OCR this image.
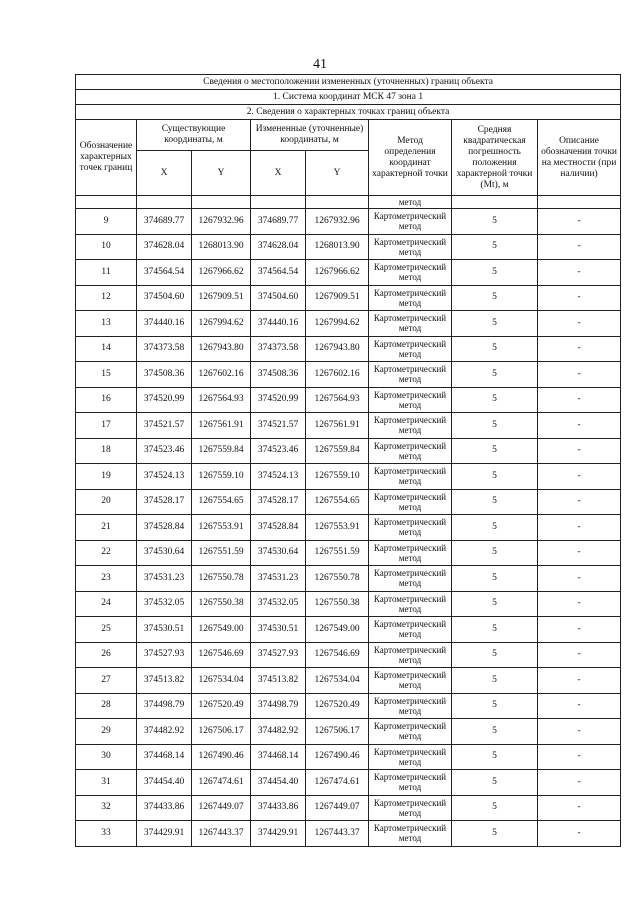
41
Сведения о местоположении измененных (уточненных) границ объекта							
1. Система координат МСК 47 зона 1							
2. Сведения о характерных точках границ объекта							
Обозначение характерных точек границ	Существующие координаты, м		Измененные (уточненные) координаты, м		Метод определения координат характерной точки	Средняя квадратическая погрешность положения характерной точки (Mt), м	Описание обозначения точки на местности (при наличии)
	X	Y	X	Y			
					метод		
9	374689.77	1267932.96	374689.77	1267932.96	Картометрический метод	5	-
10	374628.04	1268013.90	374628.04	1268013.90	Картометрический метод	5	-
11	374564.54	1267966.62	374564.54	1267966.62	Картометрический метод	5	-
12	374504.60	1267909.51	374504.60	1267909.51	Картометрический метод	5	-
13	374440.16	1267994.62	374440.16	1267994.62	Картометрический метод	5	-
14	374373.58	1267943.80	374373.58	1267943.80	Картометрический метод	5	-
15	374508.36	1267602.16	374508.36	1267602.16	Картометрический метод	5	-
16	374520.99	1267564.93	374520.99	1267564.93	Картометрический метод	5	-
17	374521.57	1267561.91	374521.57	1267561.91	Картометрический метод	5	-
18	374523.46	1267559.84	374523.46	1267559.84	Картометрический метод	5	-
19	374524.13	1267559.10	374524.13	1267559.10	Картометрический метод	5	-
20	374528.17	1267554.65	374528.17	1267554.65	Картометрический метод	5	-
21	374528.84	1267553.91	374528.84	1267553.91	Картометрический метод	5	-
22	374530.64	1267551.59	374530.64	1267551.59	Картометрический метод	5	-
23	374531.23	1267550.78	374531.23	1267550.78	Картометрический метод	5	-
24	374532.05	1267550.38	374532.05	1267550.38	Картометрический метод	5	-
25	374530.51	1267549.00	374530.51	1267549.00	Картометрический метод	5	-
26	374527.93	1267546.69	374527.93	1267546.69	Картометрический метод	5	-
27	374513.82	1267534.04	374513.82	1267534.04	Картометрический метод	5	-
28	374498.79	1267520.49	374498.79	1267520.49	Картометрический метод	5	-
29	374482.92	1267506.17	374482.92	1267506.17	Картометрический метод	5	-
30	374468.14	1267490.46	374468.14	1267490.46	Картометрический метод	5	-
31	374454.40	1267474.61	374454.40	1267474.61	Картометрический метод	5	-
32	374433.86	1267449.07	374433.86	1267449.07	Картометрический метод	5	-
33	374429.91	1267443.37	374429.91	1267443.37	Картометрический метод	5	-
